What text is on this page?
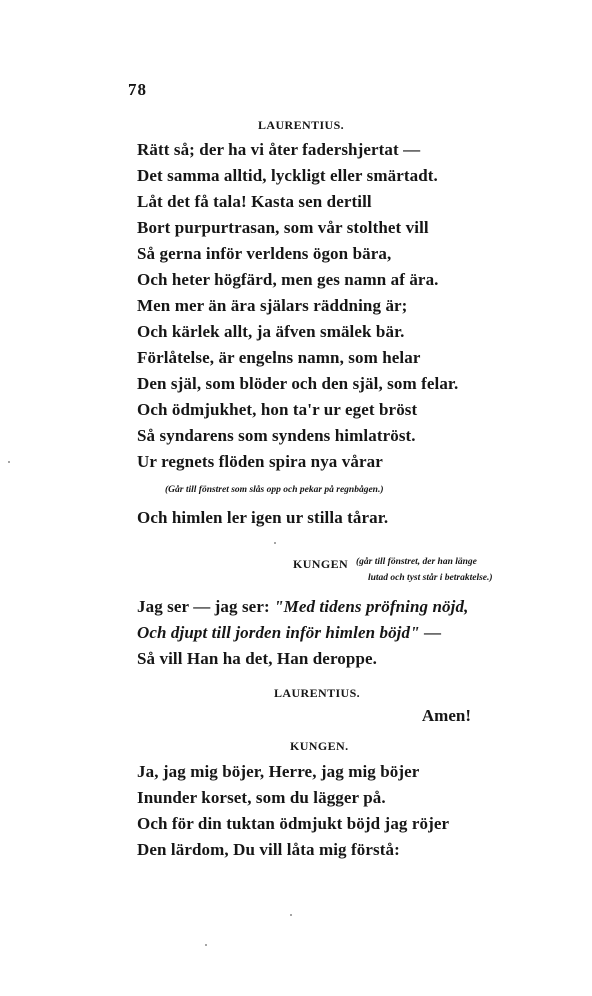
78
LAURENTIUS.
Rätt så; der ha vi åter fadershjertat —
Det samma alltid, lyckligt eller smärtadt.
Låt det få tala! Kasta sen dertill
Bort purpurtrasan, som vår stolthet vill
Så gerna inför verldens ögon bära,
Och heter högfärd, men ges namn af ära.
Men mer än ära själars räddning är;
Och kärlek allt, ja äfven smälek bär.
Förlåtelse, är engelns namn, som helar
Den själ, som blöder och den själ, som felar.
Och ödmjukhet, hon ta'r ur eget bröst
Så syndarens som syndens himlatröst.
Ur regnets flöden spira nya vårar
(Går till fönstret som slås opp och pekar på regnbågen.)
Och himlen ler igen ur stilla tårar.
KUNGEN (går till fönstret, der han länge
lutad och tyst står i betraktelse.)
Jag ser — jag ser: "Med tidens pröfning nöjd,
Och djupt till jorden inför himlen böjd" —
Så vill Han ha det, Han deroppe.
LAURENTIUS.
Amen!
KUNGEN.
Ja, jag mig böjer, Herre, jag mig böjer
Inunder korset, som du lägger på.
Och för din tuktan ödmjukt böjd jag röjer
Den lärdom, Du vill låta mig förstå:
